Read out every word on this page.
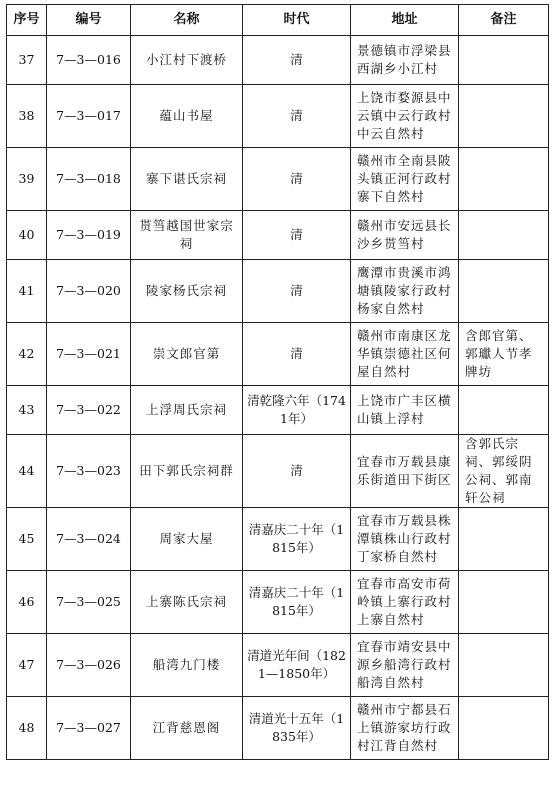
序号	编号	名称	时代	地址	备注
37	7—3—016	小江村下渡桥	清	景德镇市浮梁县西湖乡小江村	
38	7—3—017	蕴山书屋	清	上饶市婺源县中云镇中云行政村中云自然村	
39	7—3—018	寨下谌氏宗祠	清	赣州市全南县陂头镇正河行政村寨下自然村	
40	7—3—019	贳筜越国世家宗祠	清	赣州市安远县长沙乡贳筜村	
41	7—3—020	陵家杨氏宗祠	清	鹰潭市贵溪市鸿塘镇陵家行政村杨家自然村	
42	7—3—021	崇文郎官第	清	赣州市南康区龙华镇崇德社区何屋自然村	含郎官第、郭瓛人节孝牌坊
43	7—3—022	上浮周氏宗祠	清乾隆六年（1741年）	上饶市广丰区横山镇上浮村	
44	7—3—023	田下郭氏宗祠群	清	宜春市万载县康乐街道田下街区	含郭氏宗祠、郭绥阴公祠、郭南轩公祠
45	7—3—024	周家大屋	清嘉庆二十年（1815年）	宜春市万载县株潭镇株山行政村丁家桥自然村	
46	7—3—025	上寨陈氏宗祠	清嘉庆二十年（1815年）	宜春市高安市荷岭镇上寨行政村上寨自然村	
47	7—3—026	船湾九门楼	清道光年间（1821—1850年）	宜春市靖安县中源乡船湾行政村船湾自然村	
48	7—3—027	江背慈恩阁	清道光十五年（1835年）	赣州市宁都县石上镇游家坊行政村江背自然村	
